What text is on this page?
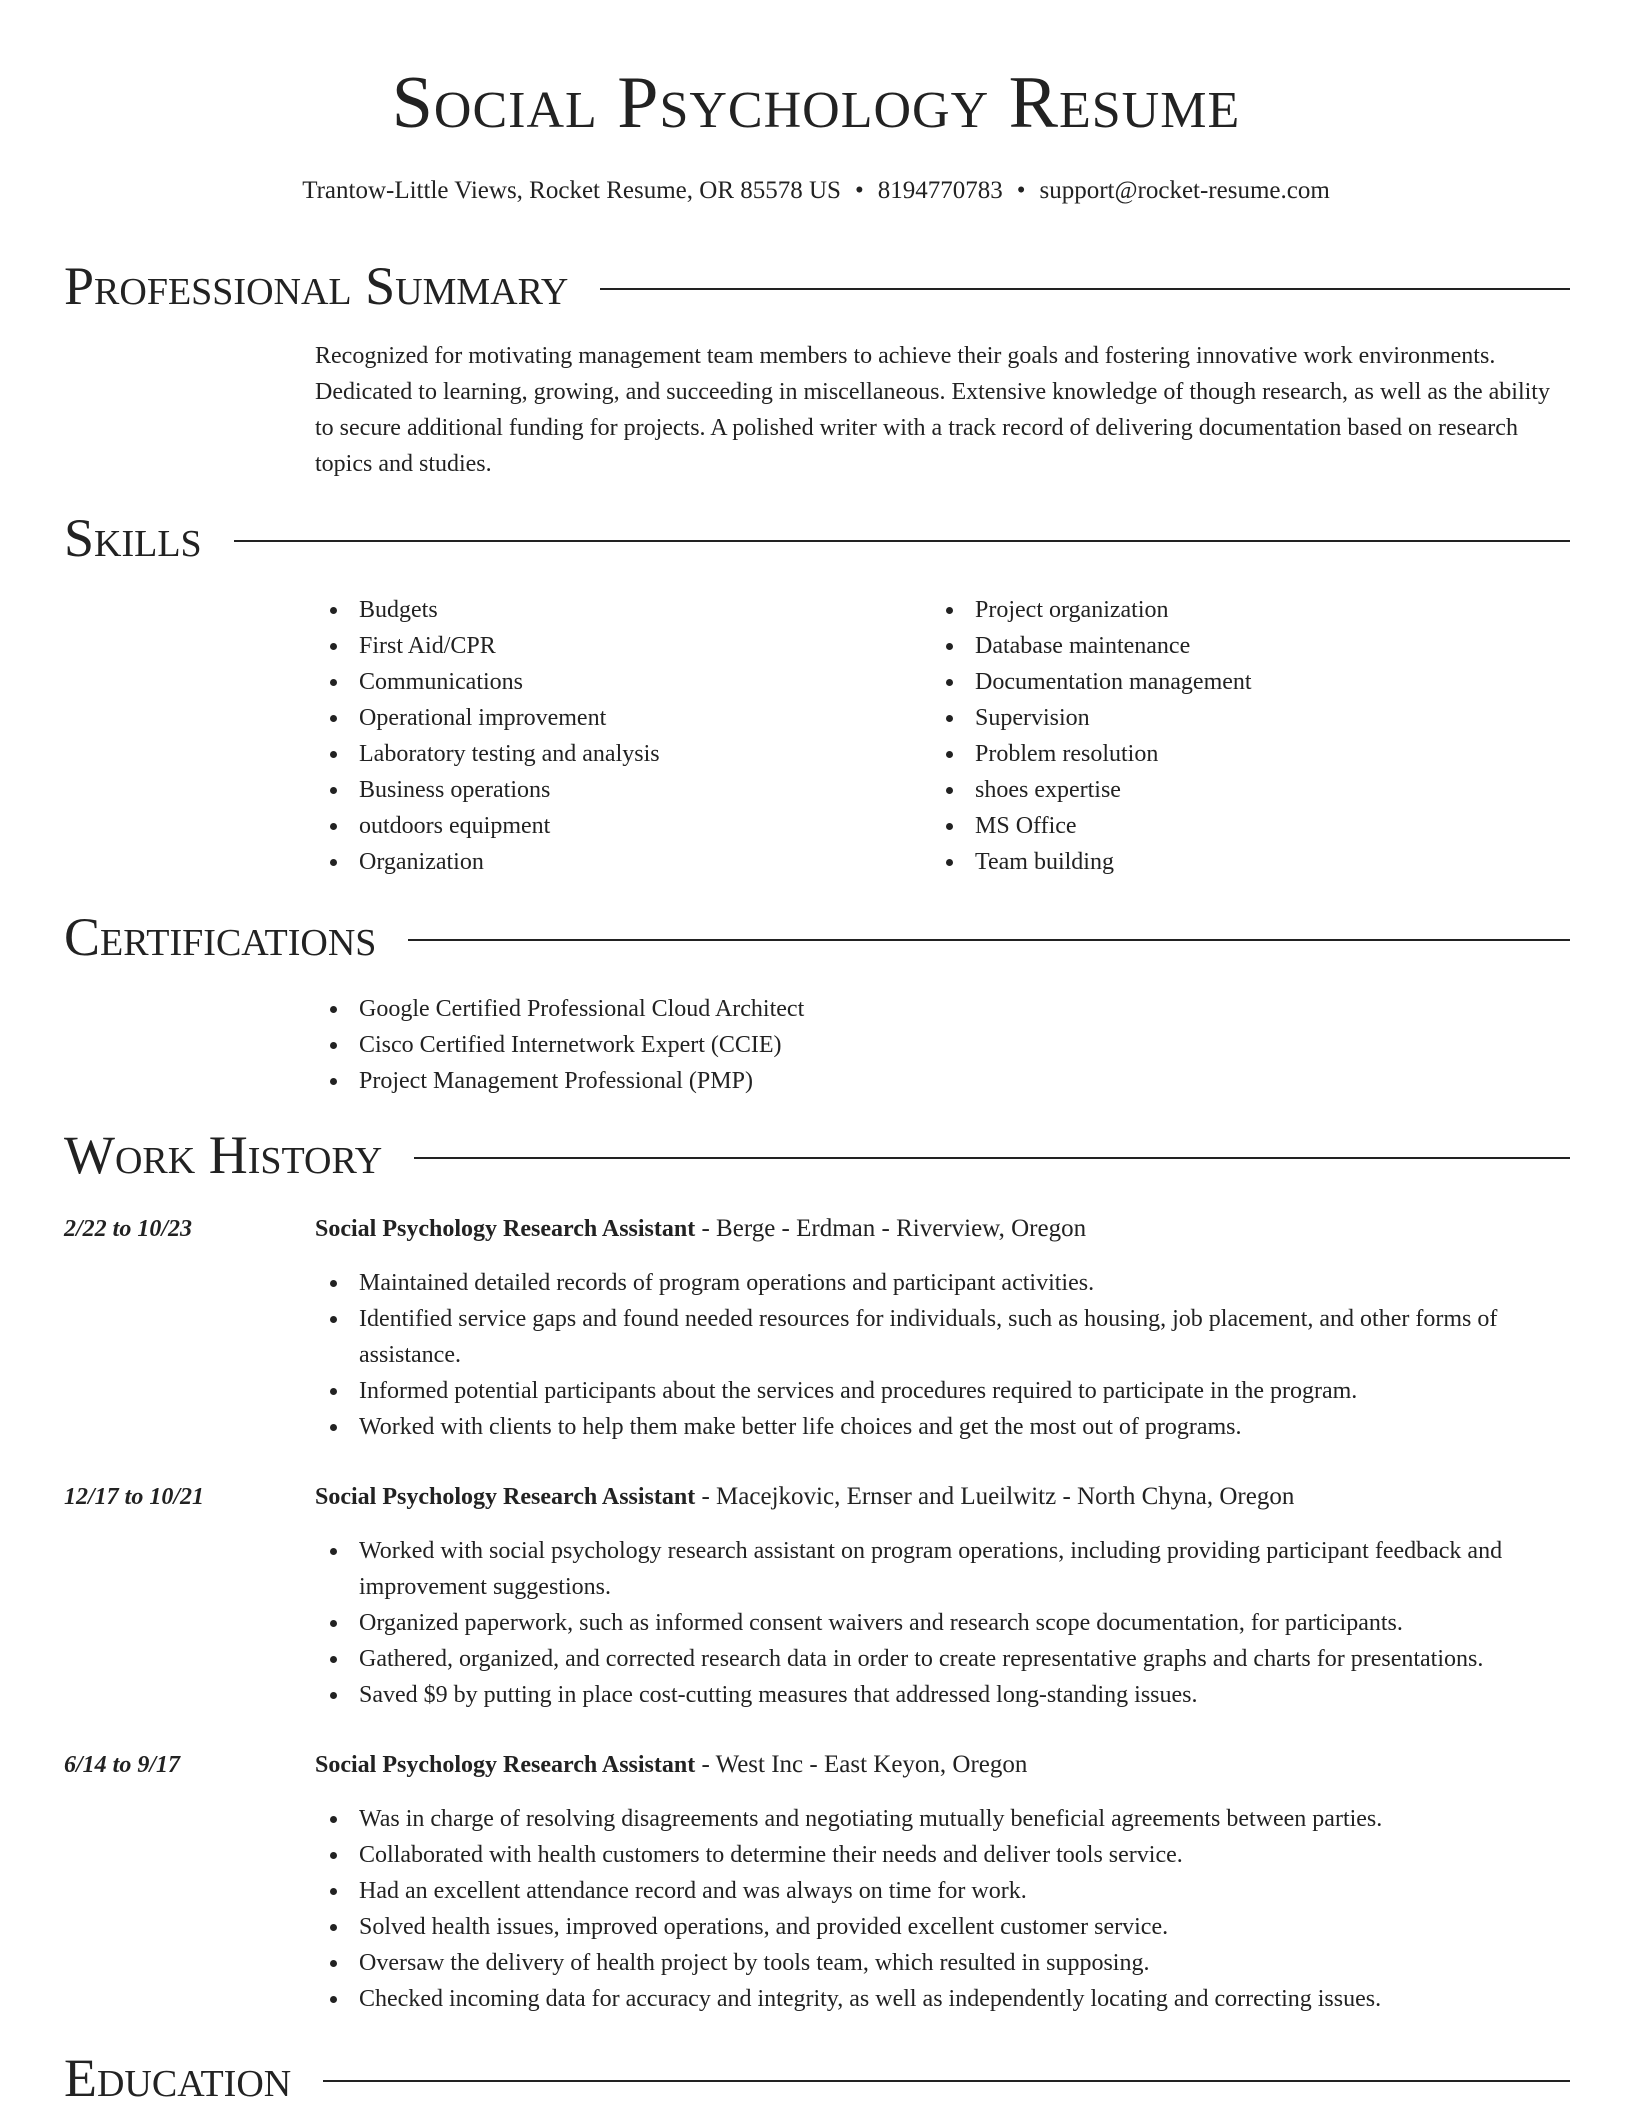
Social Psychology Resume
Trantow-Little Views, Rocket Resume, OR 85578 US • 8194770783 • support@rocket-resume.com
Professional Summary
Recognized for motivating management team members to achieve their goals and fostering innovative work environments. Dedicated to learning, growing, and succeeding in miscellaneous. Extensive knowledge of though research, as well as the ability to secure additional funding for projects. A polished writer with a track record of delivering documentation based on research topics and studies.
Skills
Budgets
First Aid/CPR
Communications
Operational improvement
Laboratory testing and analysis
Business operations
outdoors equipment
Organization
Project organization
Database maintenance
Documentation management
Supervision
Problem resolution
shoes expertise
MS Office
Team building
Certifications
Google Certified Professional Cloud Architect
Cisco Certified Internetwork Expert (CCIE)
Project Management Professional (PMP)
Work History
2/22 to 10/23	Social Psychology Research Assistant - Berge - Erdman - Riverview, Oregon
Maintained detailed records of program operations and participant activities.
Identified service gaps and found needed resources for individuals, such as housing, job placement, and other forms of assistance.
Informed potential participants about the services and procedures required to participate in the program.
Worked with clients to help them make better life choices and get the most out of programs.
12/17 to 10/21	Social Psychology Research Assistant - Macejkovic, Ernser and Lueilwitz - North Chyna, Oregon
Worked with social psychology research assistant on program operations, including providing participant feedback and improvement suggestions.
Organized paperwork, such as informed consent waivers and research scope documentation, for participants.
Gathered, organized, and corrected research data in order to create representative graphs and charts for presentations.
Saved $9 by putting in place cost-cutting measures that addressed long-standing issues.
6/14 to 9/17	Social Psychology Research Assistant - West Inc - East Keyon, Oregon
Was in charge of resolving disagreements and negotiating mutually beneficial agreements between parties.
Collaborated with health customers to determine their needs and deliver tools service.
Had an excellent attendance record and was always on time for work.
Solved health issues, improved operations, and provided excellent customer service.
Oversaw the delivery of health project by tools team, which resulted in supposing.
Checked incoming data for accuracy and integrity, as well as independently locating and correcting issues.
Education
